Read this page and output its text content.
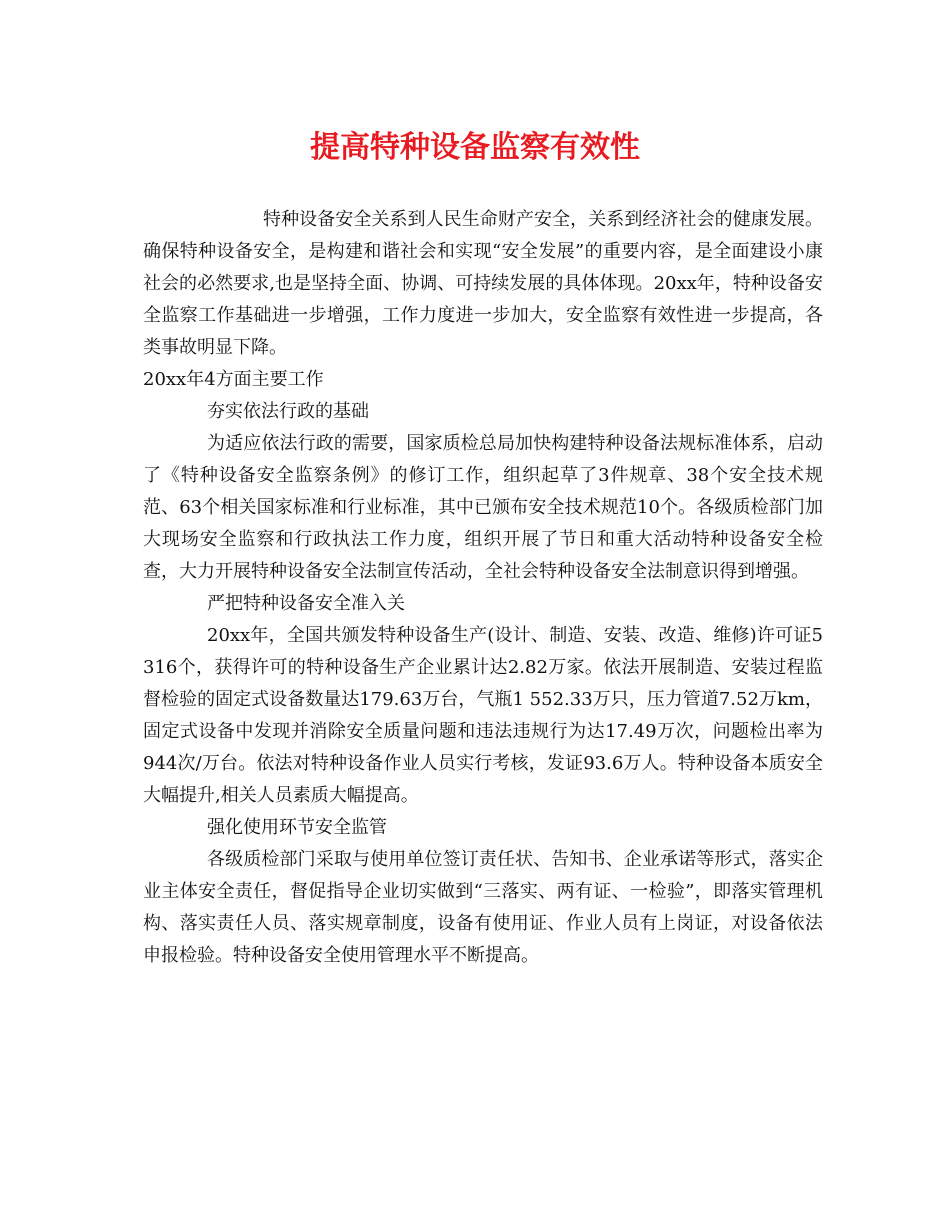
提高特种设备监察有效性

特种设备安全关系到人民生命财产安全，关系到经济社会的健康发展。确保特种设备安全，是构建和谐社会和实现“安全发展”的重要内容，是全面建设小康社会的必然要求,也是坚持全面、协调、可持续发展的具体体现。20xx年，特种设备安全监察工作基础进一步增强，工作力度进一步加大，安全监察有效性进一步提高，各类事故明显下降。

20xx年4方面主要工作

夯实依法行政的基础

为适应依法行政的需要，国家质检总局加快构建特种设备法规标准体系，启动了《特种设备安全监察条例》的修订工作，组织起草了3件规章、38个安全技术规范、63个相关国家标准和行业标准，其中已颁布安全技术规范10个。各级质检部门加大现场安全监察和行政执法工作力度，组织开展了节日和重大活动特种设备安全检查，大力开展特种设备安全法制宣传活动，全社会特种设备安全法制意识得到增强。

严把特种设备安全准入关

20xx年，全国共颁发特种设备生产(设计、制造、安装、改造、维修)许可证5 316个，获得许可的特种设备生产企业累计达2.82万家。依法开展制造、安装过程监督检验的固定式设备数量达179.63万台，气瓶1 552.33万只，压力管道7.52万km，固定式设备中发现并消除安全质量问题和违法违规行为达17.49万次，问题检出率为944次/万台。依法对特种设备作业人员实行考核，发证93.6万人。特种设备本质安全大幅提升,相关人员素质大幅提高。

强化使用环节安全监管

各级质检部门采取与使用单位签订责任状、告知书、企业承诺等形式，落实企业主体安全责任，督促指导企业切实做到“三落实、两有证、一检验”，即落实管理机构、落实责任人员、落实规章制度，设备有使用证、作业人员有上岗证，对设备依法申报检验。特种设备安全使用管理水平不断提高。
